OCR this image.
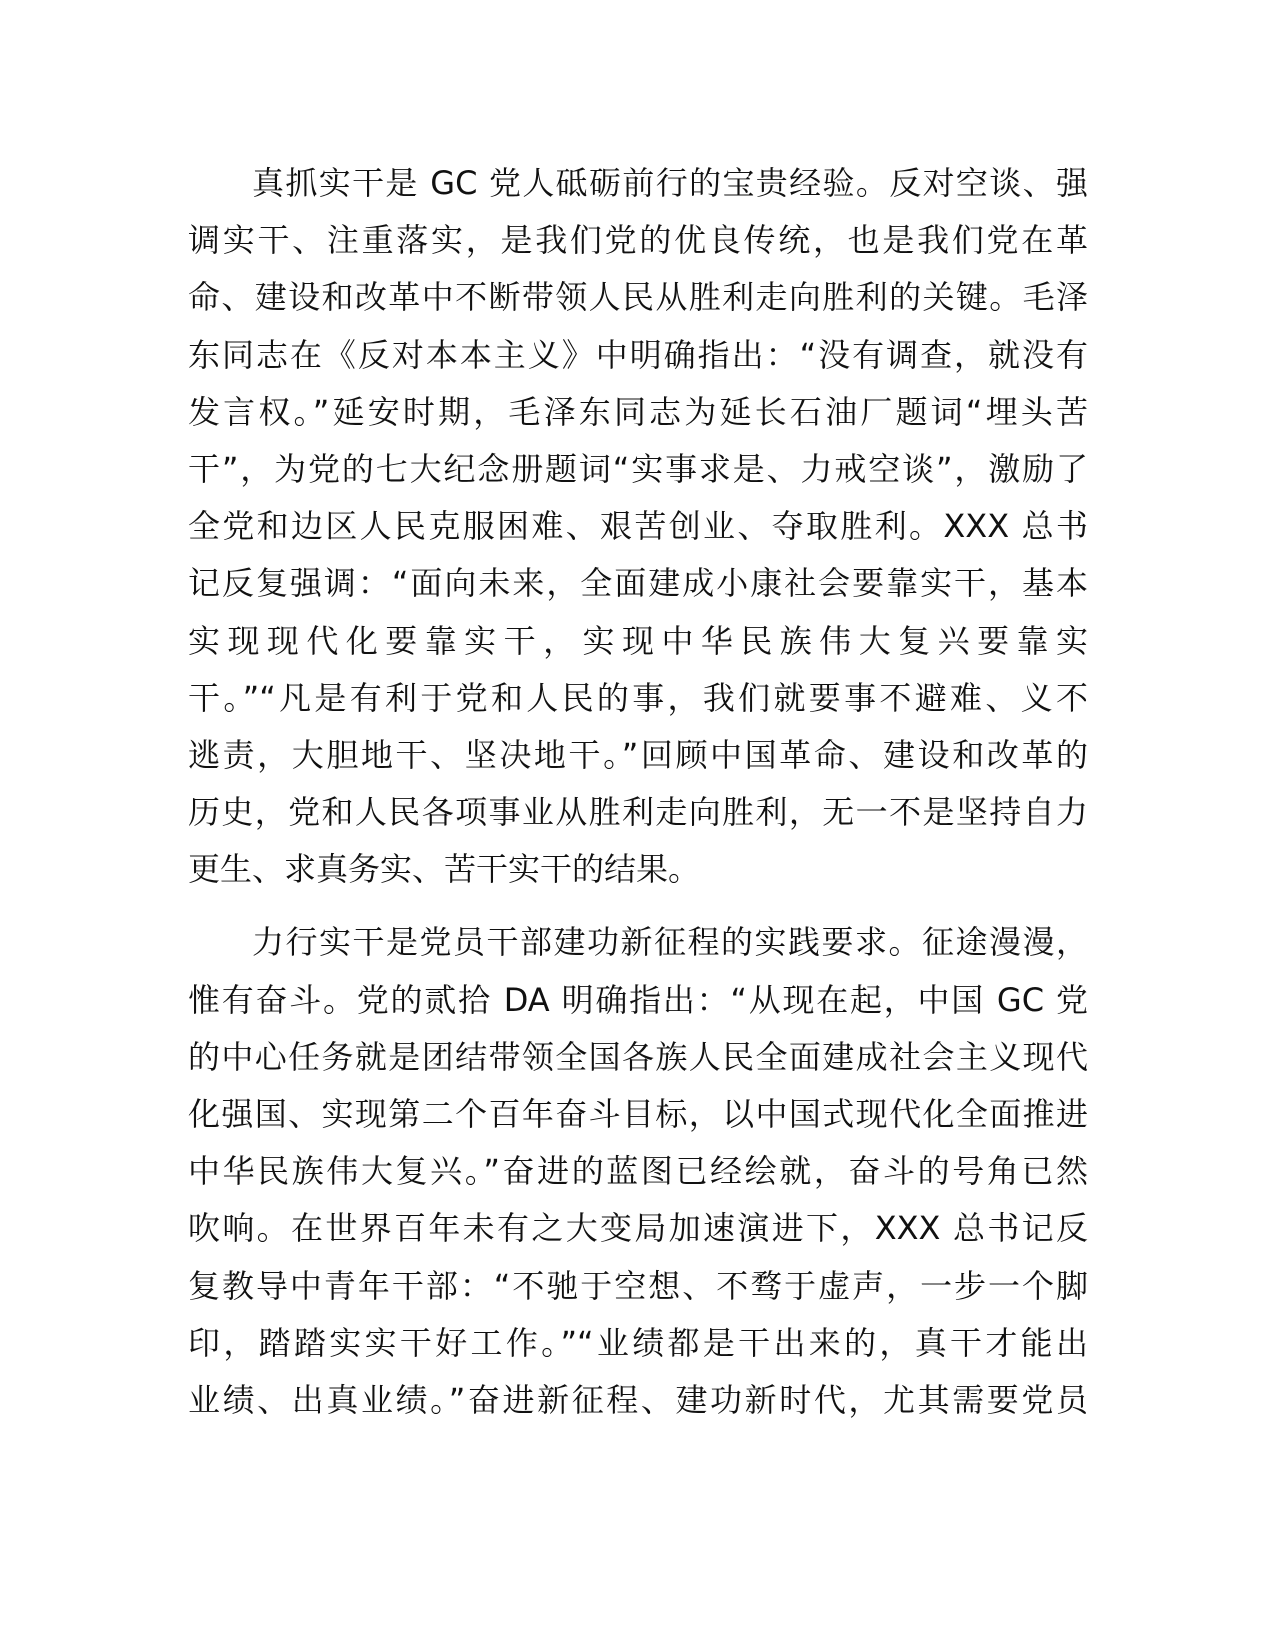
真抓实干是 GC 党人砥砺前行的宝贵经验。反对空谈、强
调实干、注重落实，是我们党的优良传统，也是我们党在革
命、建设和改革中不断带领人民从胜利走向胜利的关键。毛泽
东同志在《反对本本主义》中明确指出：“没有调查，就没有
发言权。”延安时期，毛泽东同志为延长石油厂题词“埋头苦
干”，为党的七大纪念册题词“实事求是、力戒空谈”，激励了
全党和边区人民克服困难、艰苦创业、夺取胜利。XXX 总书
记反复强调：“面向未来，全面建成小康社会要靠实干，基本
实现现代化要靠实干，实现中华民族伟大复兴要靠实
干。”“凡是有利于党和人民的事，我们就要事不避难、义不
逃责，大胆地干、坚决地干。”回顾中国革命、建设和改革的
历史，党和人民各项事业从胜利走向胜利，无一不是坚持自力
更生、求真务实、苦干实干的结果。
力行实干是党员干部建功新征程的实践要求。征途漫漫，
惟有奋斗。党的贰拾 DA 明确指出：“从现在起，中国 GC 党
的中心任务就是团结带领全国各族人民全面建成社会主义现代
化强国、实现第二个百年奋斗目标，以中国式现代化全面推进
中华民族伟大复兴。”奋进的蓝图已经绘就，奋斗的号角已然
吹响。在世界百年未有之大变局加速演进下，XXX 总书记反
复教导中青年干部：“不驰于空想、不骛于虚声，一步一个脚
印，踏踏实实干好工作。”“业绩都是干出来的，真干才能出
业绩、出真业绩。”奋进新征程、建功新时代，尤其需要党员
